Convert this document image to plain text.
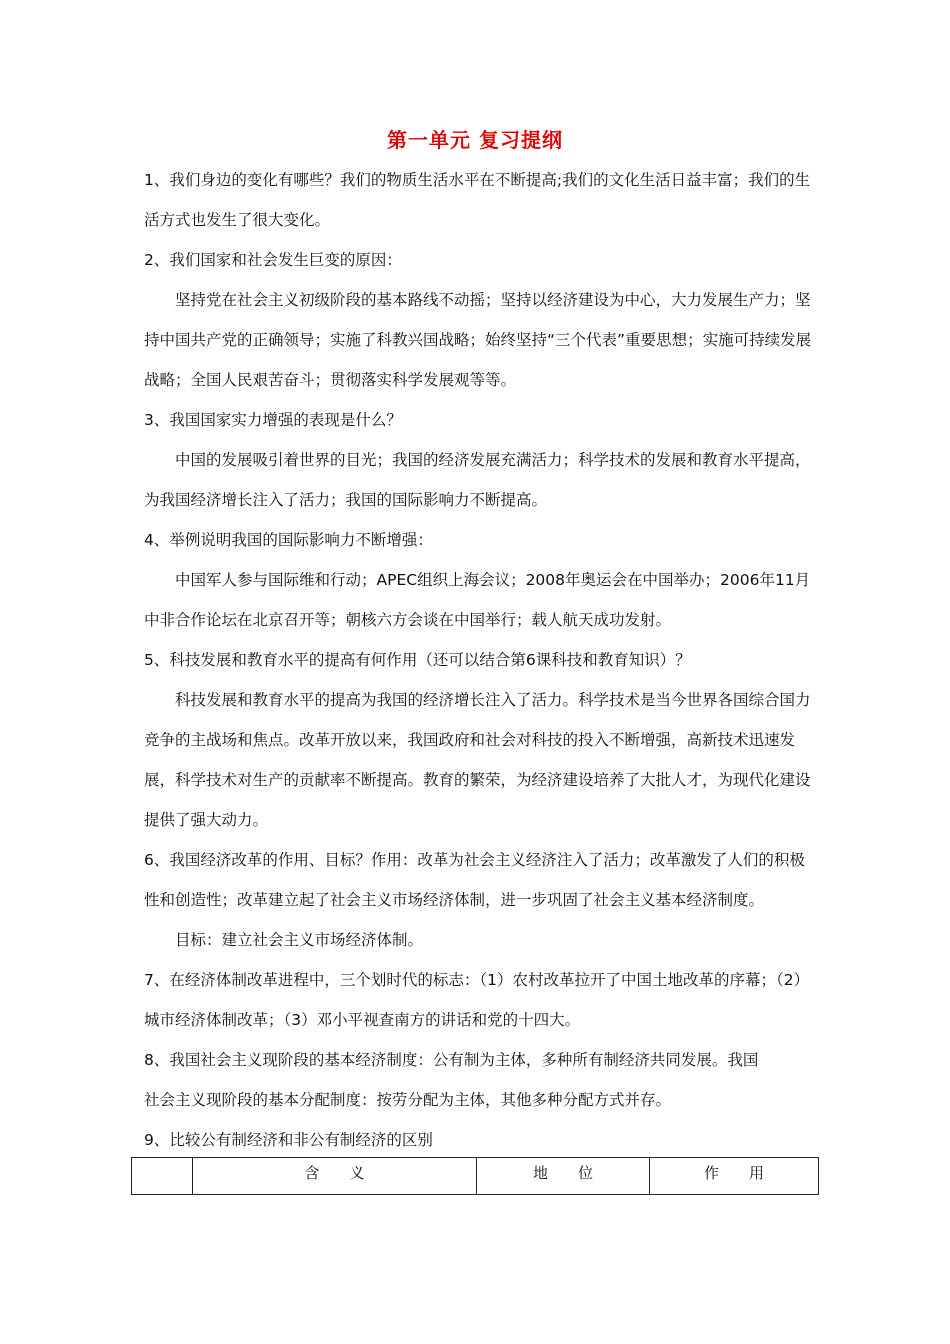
第一单元 复习提纲

1、我们身边的变化有哪些？我们的物质生活水平在不断提高;我们的文化生活日益丰富；我们的生活方式也发生了很大变化。

2、我们国家和社会发生巨变的原因：

坚持党在社会主义初级阶段的基本路线不动摇；坚持以经济建设为中心，大力发展生产力；坚持中国共产党的正确领导；实施了科教兴国战略；始终坚持“三个代表”重要思想；实施可持续发展战略；全国人民艰苦奋斗；贯彻落实科学发展观等等。

3、我国国家实力增强的表现是什么？

中国的发展吸引着世界的目光；我国的经济发展充满活力；科学技术的发展和教育水平提高，为我国经济增长注入了活力；我国的国际影响力不断提高。

4、举例说明我国的国际影响力不断增强：

中国军人参与国际维和行动；APEC组织上海会议；2008年奥运会在中国举办；2006年11月中非合作论坛在北京召开等；朝核六方会谈在中国举行；载人航天成功发射。

5、科技发展和教育水平的提高有何作用（还可以结合第6课科技和教育知识）？

科技发展和教育水平的提高为我国的经济增长注入了活力。科学技术是当今世界各国综合国力竞争的主战场和焦点。改革开放以来，我国政府和社会对科技的投入不断增强，高新技术迅速发展，科学技术对生产的贡献率不断提高。教育的繁荣，为经济建设培养了大批人才，为现代化建设提供了强大动力。

6、我国经济改革的作用、目标？作用：改革为社会主义经济注入了活力；改革激发了人们的积极性和创造性；改革建立起了社会主义市场经济体制，进一步巩固了社会主义基本经济制度。

目标：建立社会主义市场经济体制。

7、在经济体制改革进程中，三个划时代的标志：（1）农村改革拉开了中国土地改革的序幕；（2）城市经济体制改革；（3）邓小平视查南方的讲话和党的十四大。

8、我国社会主义现阶段的基本经济制度：公有制为主体，多种所有制经济共同发展。我国

社会主义现阶段的基本分配制度：按劳分配为主体，其他多种分配方式并存。

9、比较公有制经济和非公有制经济的区别

	含　　义	地　　位	作　　用
